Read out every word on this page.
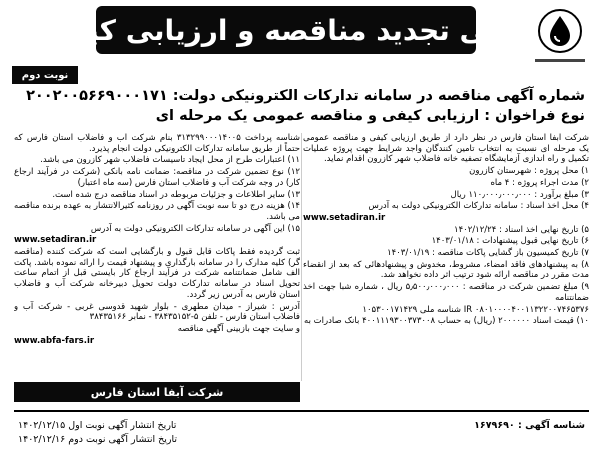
آگهی تجدید مناقصه و ارزیابی کیفی
نوبت دوم
شماره آگهی مناقصه در سامانه تدارکات الکترونیکی دولت: ۲۰۰۲۰۰۵۶۶۹۰۰۰۱۷۱
نوع فراخوان : ارزیابی کیفی و مناقصه عمومی یک مرحله ای

شرکت آبفا استان فارس در نظر دارد از طریق ارزیابی کیفی و مناقصه عمومی یک مرحله ای نسبت به انتخاب تامین کنندگان واجد شرایط جهت پروژه عملیات تکمیل و راه اندازی آزمایشگاه تصفیه خانه فاضلاب شهر کازرون اقدام نماید.

۱) محل پروژه : شهرستان کازرون

۲) مدت اجراء پروژه : ۴ ماه

۳) مبلغ برآورد : ۱۱۰٫۰۰۰٫۰۰۰٫۰۰۰ ریال

۴) محل اخذ اسناد : سامانه تدارکات الکترونیکی دولت به آدرس

www.setadiran.ir

۵) تاریخ نهایی اخذ اسناد : ۱۴۰۲/۱۲/۲۴

۶) تاریخ نهایی قبول پیشنهادات : ۱۴۰۳/۰۱/۱۸

۷) تاریخ کمیسیون باز گشایی پاکات مناقصه : ۱۴۰۳/۰۱/۱۹

۸) به پیشنهادهای فاقد امضاء، مشروط، مخدوش و پیشنهادهائی که بعد از انقضاء مدت مقرر در مناقصه ارائه شود ترتیب اثر داده نخواهد شد.

۹) مبلغ تضمین شرکت در مناقصه : ۵٫۵۰۰٫۰۰۰٫۰۰۰ ریال ، شماره شبا جهت اخذ ضمانتنامه

IR ۰۸۰۱۰۰۰۰۴۰۰۱۱۳۲۲۰۰۷۴۶۵۳۷۶ شناسه ملی ۱۰۵۳۰۰۱۷۱۴۲۹

۱۰) قیمت اسناد ۲۰۰۰۰۰۰ (ریال) به حساب ۴۰۰۱۱۱۹۳۰۰۳۷۳۰۰۸ بانک صادرات به

شناسه پرداخت ۳۱۳۲۹۹۰۰۰۱۴۰۰۵ بنام شرکت آب و فاضلاب استان فارس که حتماً از طریق سامانه تدارکات الکترونیکی دولت انجام پذیرد.

۱۱) اعتبارات طرح از محل ایجاد تاسیسات فاضلاب شهر کازرون می باشد.

۱۲) نوع تضمین شرکت در مناقصه: ضمانت نامه بانکی (شرکت در فرآیند ارجاع کار) در وجه شرکت آب و فاضلاب استان فارس (سه ماه اعتبار)

۱۳) سایر اطلاعات و جزئیات مربوطه در اسناد مناقصه درج شده است.

۱۴) هزینه درج دو تا سه نوبت آگهی در روزنامه کثیرالانتشار به عهده برنده مناقصه می باشد.

۱۵) این آگهی در سامانه تدارکات الکترونیکی دولت به آدرس

www.setadiran.ir

ثبت گردیده فقط پاکات قابل قبول و بارگشایی است که شرکت کننده (مناقصه گر) کلیه مدارک را در سامانه بارگذاری و پیشنهاد قیمت را ارائه نموده باشد. پاکت الف شامل ضمانتنامه شرکت در فرآیند ارجاع کار بایستی قبل از اتمام ساعت تحویل اسناد در سامانه تدارکات دولت تحویل دبیرخانه شرکت آب و فاضلاب استان فارس به آدرس زیر گردد.

آدرس : شیراز - میدان مطهری - بلوار شهید قدوسی غربی - شرکت آب و فاضلاب استان فارس - تلفن ۵-۳۸۴۳۵۱۵۲ - نمابر ۳۸۴۳۵۱۶۶

و سایت جهت بازبینی آگهی مناقصه

www.abfa-fars.ir

شرکت آبفا استان فارس
شناسه آگهی : ۱۶۷۹۶۹۰
تاریخ انتشار آگهی نوبت اول ۱۴۰۲/۱۲/۱۵
تاریخ انتشار آگهی نوبت دوم ۱۴۰۲/۱۲/۱۶
